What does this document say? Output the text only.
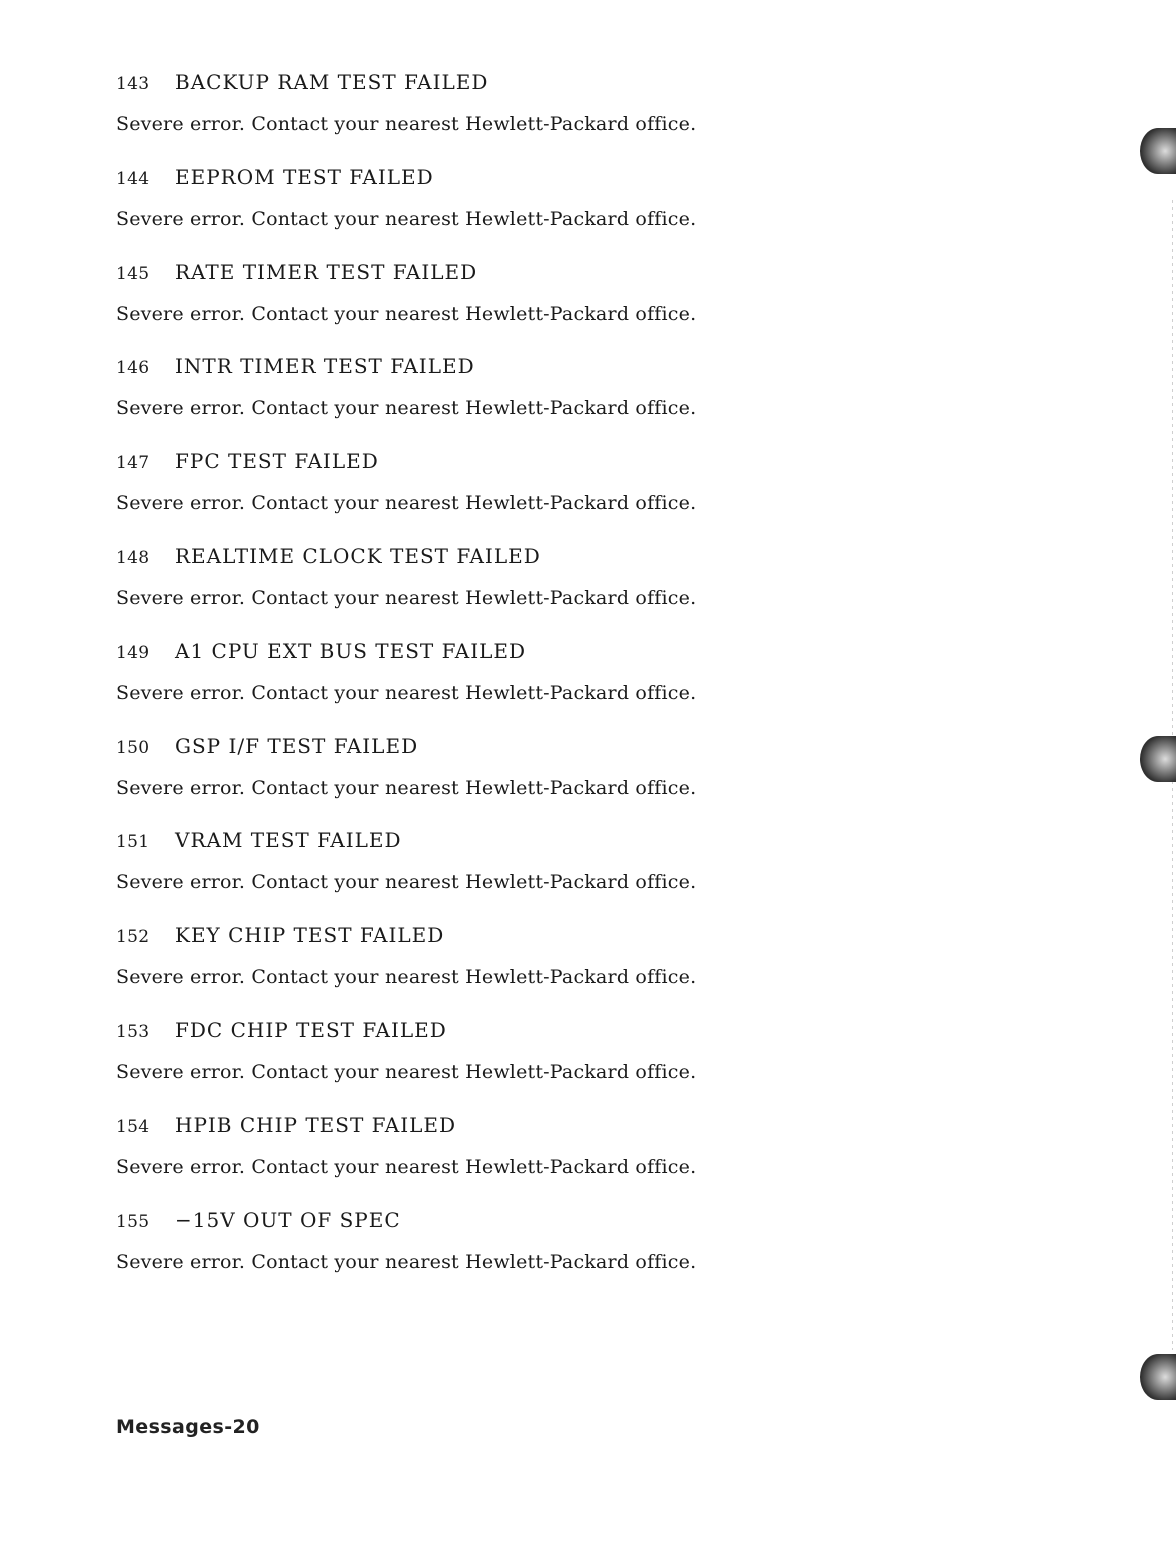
143	BACKUP RAM TEST FAILED
Severe error. Contact your nearest Hewlett-Packard office.
144	EEPROM TEST FAILED
Severe error. Contact your nearest Hewlett-Packard office.
145	RATE TIMER TEST FAILED
Severe error. Contact your nearest Hewlett-Packard office.
146	INTR TIMER TEST FAILED
Severe error. Contact your nearest Hewlett-Packard office.
147	FPC TEST FAILED
Severe error. Contact your nearest Hewlett-Packard office.
148	REALTIME CLOCK TEST FAILED
Severe error. Contact your nearest Hewlett-Packard office.
149	A1 CPU EXT BUS TEST FAILED
Severe error. Contact your nearest Hewlett-Packard office.
150	GSP I/F TEST FAILED
Severe error. Contact your nearest Hewlett-Packard office.
151	VRAM TEST FAILED
Severe error. Contact your nearest Hewlett-Packard office.
152	KEY CHIP TEST FAILED
Severe error. Contact your nearest Hewlett-Packard office.
153	FDC CHIP TEST FAILED
Severe error. Contact your nearest Hewlett-Packard office.
154	HPIB CHIP TEST FAILED
Severe error. Contact your nearest Hewlett-Packard office.
155	−15V OUT OF SPEC
Severe error. Contact your nearest Hewlett-Packard office.
Messages-20
